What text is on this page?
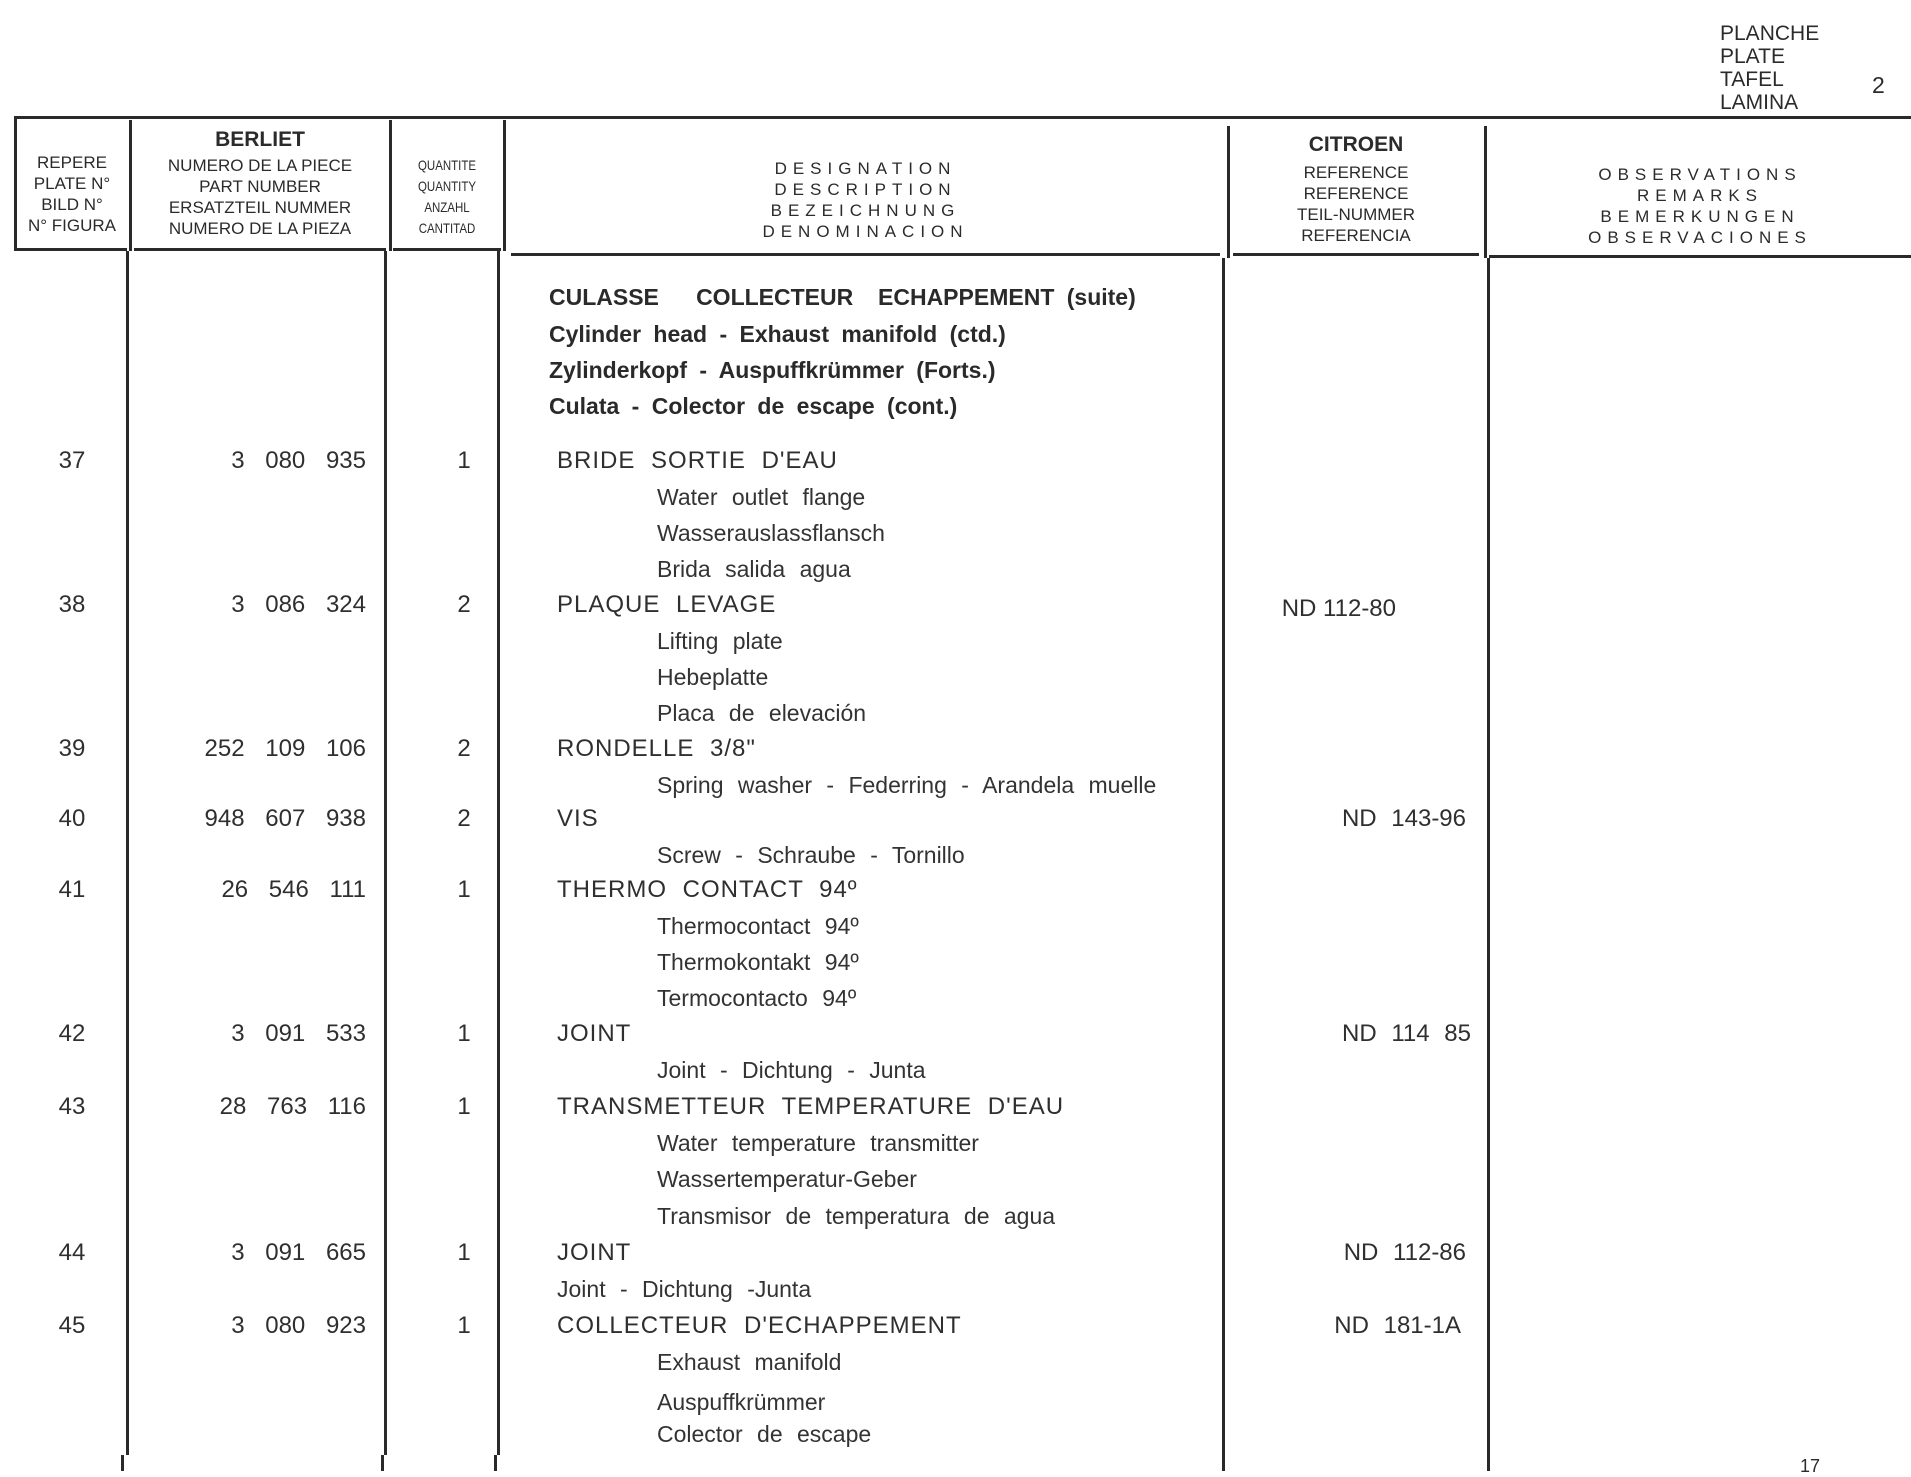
PLANCHE
PLATE
TAFEL
LAMINA
2
REPERE
PLATE N°
BILD N°
N° FIGURA
BERLIET
NUMERO DE LA PIECE
PART NUMBER
ERSATZTEIL NUMMER
NUMERO DE LA PIEZA
QUANTITE
QUANTITY
ANZAHL
CANTITAD
DESIGNATION
DESCRIPTION
BEZEICHNUNG
DENOMINACION
CITROEN
REFERENCE
REFERENCE
TEIL-NUMMER
REFERENCIA
OBSERVATIONS
REMARKS
BEMERKUNGEN
OBSERVACIONES
CULASSE   COLLECTEUR  ECHAPPEMENT (suite)
Cylinder head - Exhaust manifold (ctd.)
Zylinderkopf - Auspuffkrümmer (Forts.)
Culata - Colector de escape (cont.)
37	3 080 935	1	BRIDE SORTIE D'EAU
Water outlet flange
Wasserauslassflansch
Brida salida agua
38	3 086 324	2	PLAQUE LEVAGE	ND 112-80
Lifting plate
Hebeplatte
Placa de elevación
39	252 109 106	2	RONDELLE 3/8"
Spring washer - Federring - Arandela muelle
40	948 607 938	2	VIS	ND 143-96
Screw - Schraube - Tornillo
41	26 546 111	1	THERMO CONTACT 94º
Thermocontact 94º
Thermokontakt 94º
Termocontacto 94º
42	3 091 533	1	JOINT	ND 114 85
Joint - Dichtung - Junta
43	28 763 116	1	TRANSMETTEUR TEMPERATURE D'EAU
Water temperature transmitter
Wassertemperatur-Geber
Transmisor de temperatura de agua
44	3 091 665	1	JOINT	ND 112-86
Joint - Dichtung -Junta
45	3 080 923	1	COLLECTEUR D'ECHAPPEMENT	ND 181-1A
Exhaust manifold
Auspuffkrümmer
Colector de escape
17
